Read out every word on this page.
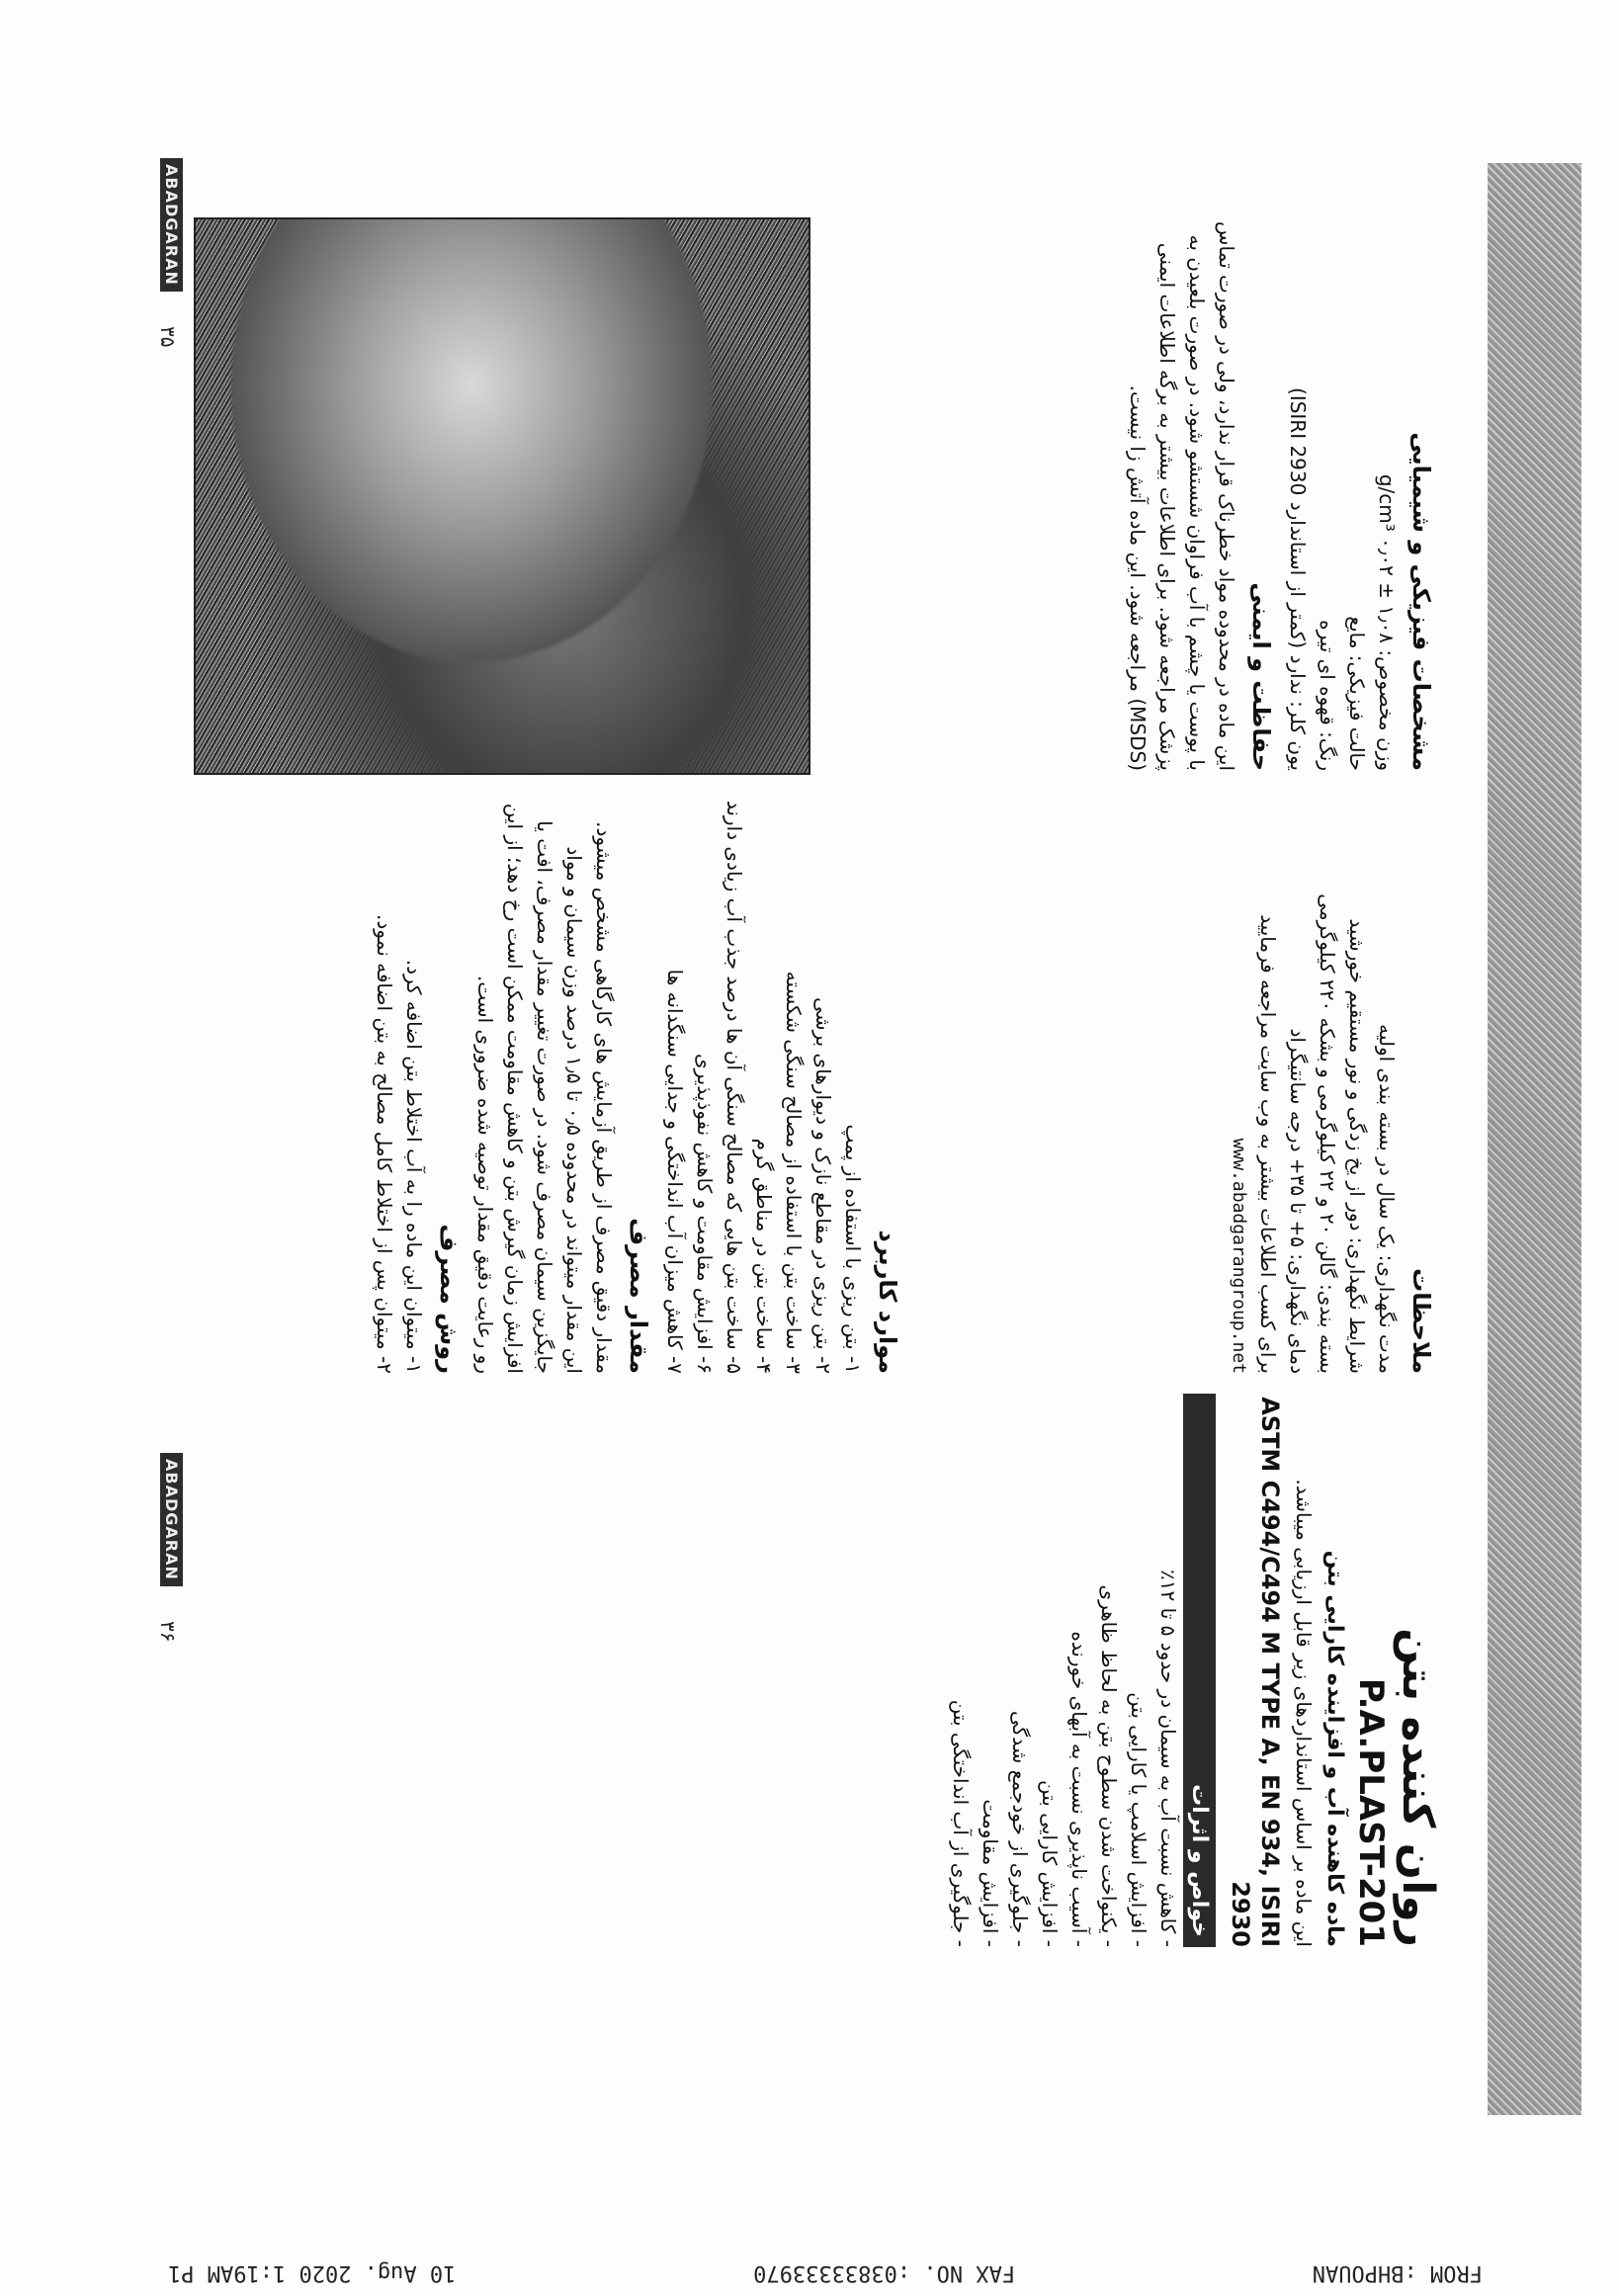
روان کننده بتن
P.A.PLAST-201
ماده کاهنده آب و افزاینده کارایی بتن
این ماده بر اساس استانداردهای زیر قابل ارزیابی میباشد.
ASTM C494/C494 M TYPE A, EN 934, ISIRI 2930
خواص و اثرات
- کاهش نسبت آب به سیمان در حدود ۵ تا ۱۲٪
- افزایش اسلامپ یا کارایی بتن
- یکنواخت شدن سطوح بتن به لحاظ ظاهری
- آسیب ناپذیری نسبت به آبهای خورنده
- افزایش کارایی بتن
- جلوگیری از خودجمع شدگی
- افزایش مقاومت
- جلوگیری از آب انداختگی بتن
موارد کاربرد
۱- بتن ریزی با استفاده از پمپ
۲- بتن ریزی در مقاطع نازک و دیوارهای برشی
۳- ساخت بتن با استفاده از مصالح سنگی شکسته
۴- ساخت بتن در مناطق گرم
۵- ساخت بتن هایی که مصالح سنگی آن ها درصد جذب آب زیادی دارند
۶- افزایش مقاومت و کاهش نفوذپذیری
۷- کاهش میزان آب انداختگی و جدایی سنگدانه ها
مقدار مصرف
مقدار دقیق مصرف از طریق آزمایش های کارگاهی مشخص میشود. این مقدار میتواند در محدوده ۰٫۵ تا ۱٫۵ درصد وزن سیمان و مواد جایگزین سیمان مصرف شود. در صورت تغییر مقدار مصرف، افت یا افزایش زمان گیرش بتن و کاهش مقاومت ممکن است رخ دهد؛ از این رو رعایت دقیق مقدار توصیه شده ضروری است.
روش مصرف
۱- میتوان این ماده را به آب اختلاط بتن اضافه کرد.
۲- میتوان پس از اختلاط کامل مصالح به بتن اضافه نمود.
مشخصات فیزیکی و شیمیایی
وزن مخصوص: ۱٫۰۸ ± ۰٫۰۲ g/cm³
حالت فیزیکی: مایع
رنگ: قهوه ای تیره
یون کلر: ندارد (کمتر از استاندارد ISIRI 2930)
حفاظت و ایمنی
این ماده در محدوده مواد خطرناک قرار ندارد، ولی در صورت تماس با پوست یا چشم با آب فراوان شستشو شود. در صورت بلعیدن به پزشک مراجعه شود. برای اطلاعات بیشتر به برگه اطلاعات ایمنی (MSDS) مراجعه شود. این ماده آتش زا نیست.
ملاحظات
مدت نگهداری: یک سال در بسته بندی اولیه
شرایط نگهداری: دور از یخ زدگی و نور مستقیم خورشید
بسته بندی: گالن ۲۰ و ۲۲ کیلوگرمی و بشکه ۲۲۰ کیلوگرمی
دمای نگهداری: ۵+ تا ۳۵+ درجه سانتیگراد
برای کسب اطلاعات بیشتر به وب سایت مراجعه فرمایید
www.abadgarangroup.net
ABADGARAN
ABADGARAN
۳۶
۳۵
FROM :BHPOUAN
FAX NO. :03833333970
10 Aug. 2020 1:19AM P1
